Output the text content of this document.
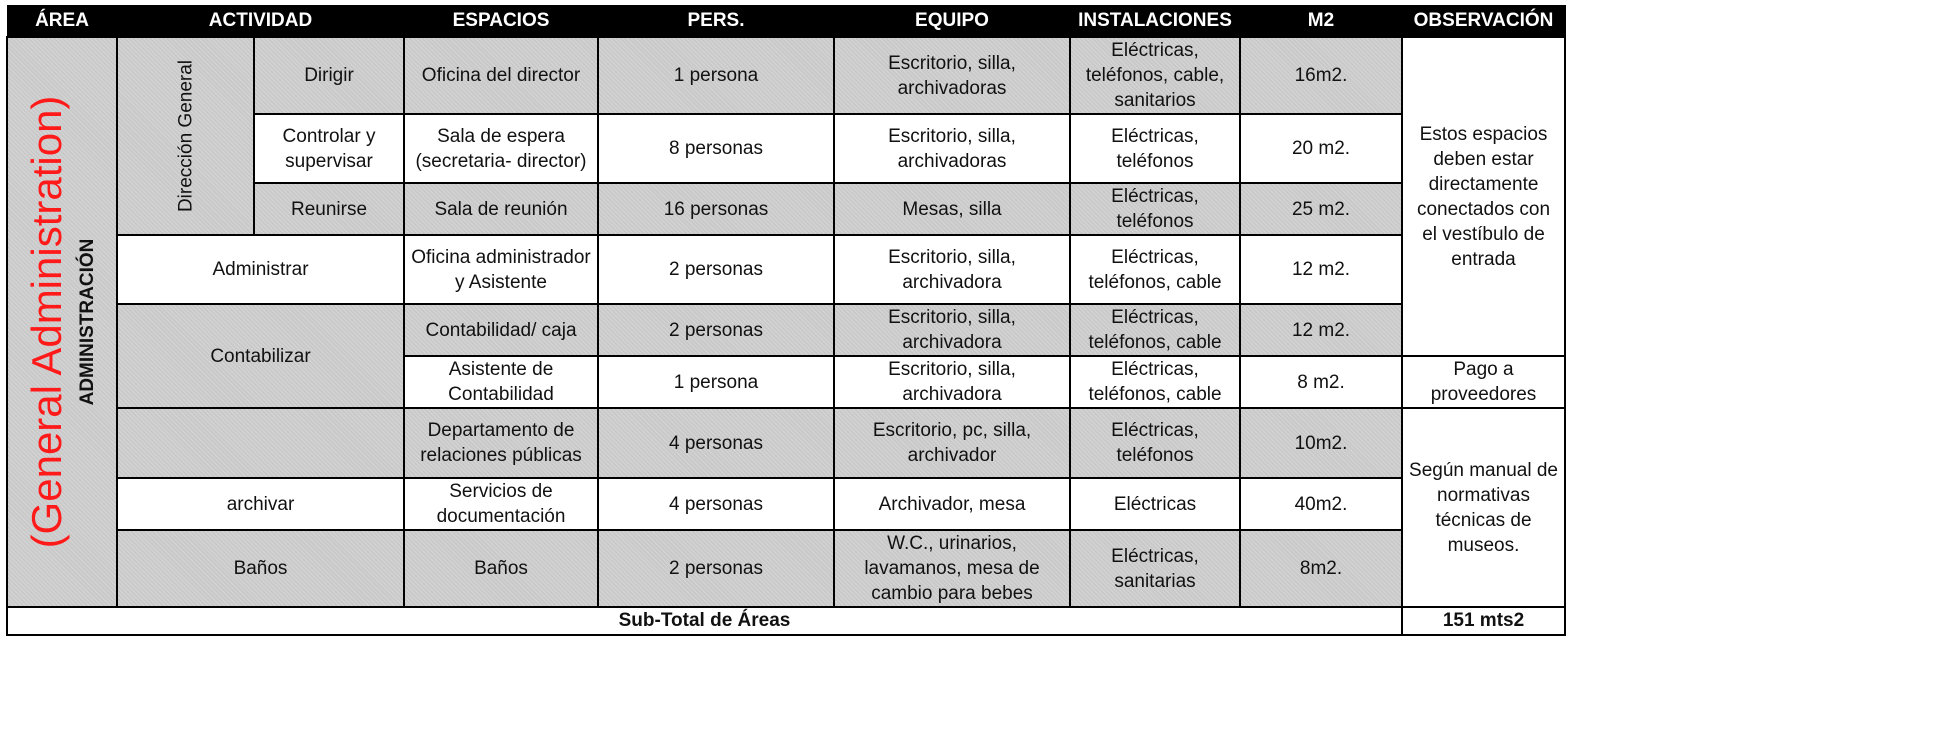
ÁREA	ACTIVIDAD		ESPACIOS	PERS.	EQUIPO	INSTALACIONES	M2	OBSERVACIÓN

(General Administration) ADMINISTRACIÓN	Dirección General	Dirigir	Oficina del director	1 persona	Escritorio, silla, archivadoras	Eléctricas, teléfonos, cable, sanitarios	16m2.	Estos espacios deben estar directamente conectados con el vestíbulo de entrada
		Controlar y supervisar	Sala de espera (secretaria- director)	8 personas	Escritorio, silla, archivadoras	Eléctricas, teléfonos	20 m2.	
		Reunirse	Sala de reunión	16 personas	Mesas, silla	Eléctricas, teléfonos	25 m2.	
	Administrar		Oficina administrador y Asistente	2 personas	Escritorio, silla, archivadora	Eléctricas, teléfonos, cable	12 m2.	
	Contabilizar		Contabilidad/ caja	2 personas	Escritorio, silla, archivadora	Eléctricas, teléfonos, cable	12 m2.	
			Asistente de Contabilidad	1 persona	Escritorio, silla, archivadora	Eléctricas, teléfonos, cable	8 m2.	Pago a proveedores
			Departamento de relaciones públicas	4 personas	Escritorio, pc, silla, archivador	Eléctricas, teléfonos	10m2.	Según manual de normativas técnicas de museos.
	archivar		Servicios de documentación	4 personas	Archivador, mesa	Eléctricas	40m2.	
	Baños		Baños	2 personas	W.C., urinarios, lavamanos, mesa de cambio para bebes	Eléctricas, sanitarias	8m2.	
Sub-Total de Áreas								151 mts2
